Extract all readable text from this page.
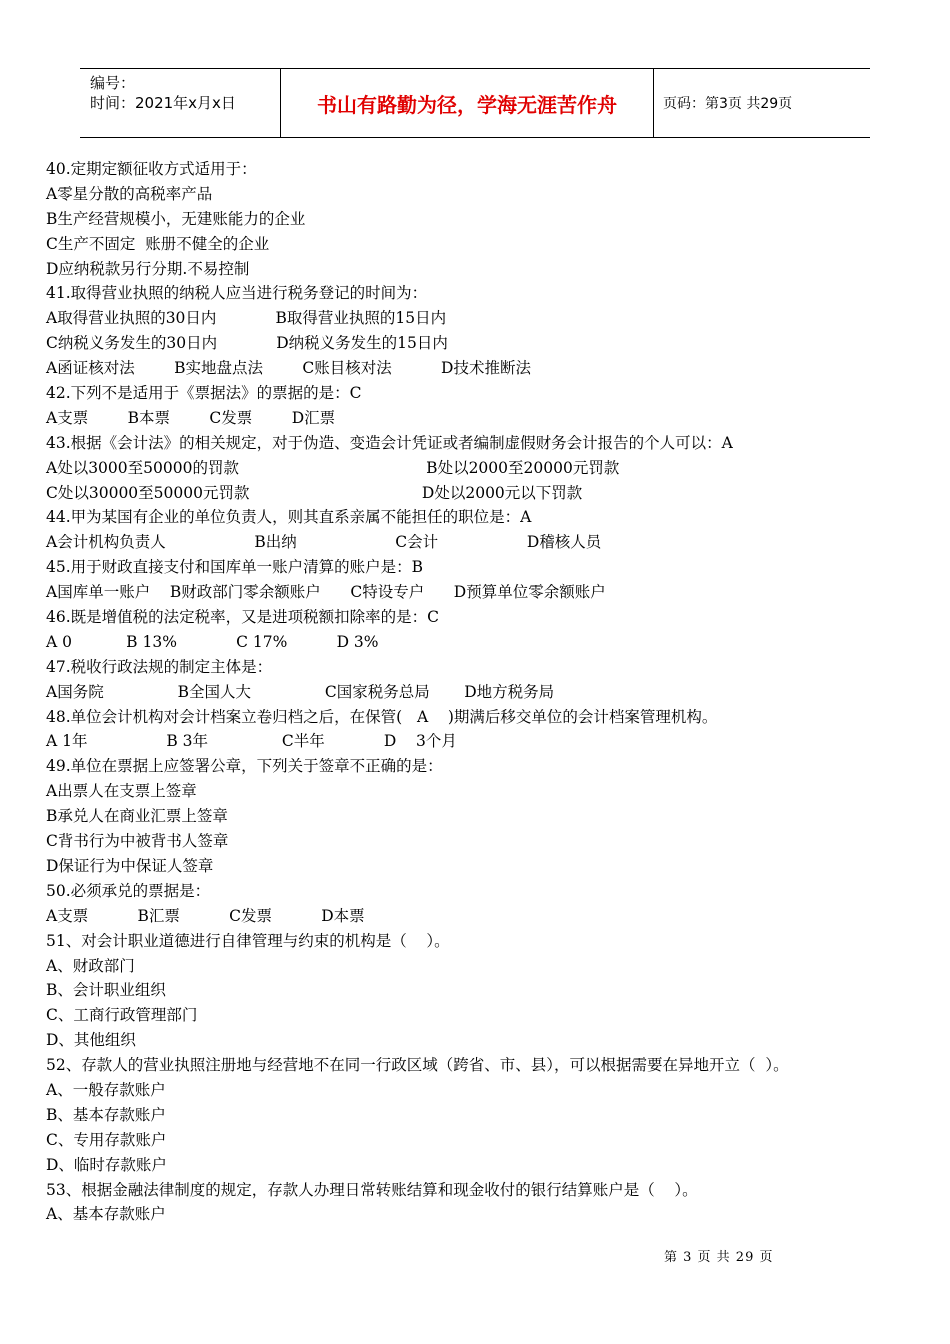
编号：
时间：2021年x月x日	书山有路勤为径，学海无涯苦作舟	页码：第3页 共29页
40.定期定额征收方式适用于：
A零星分散的高税率产品
B生产经营规模小，无建账能力的企业
C生产不固定  账册不健全的企业
D应纳税款另行分期.不易控制
41.取得营业执照的纳税人应当进行税务登记的时间为：
A取得营业执照的30日内            B取得营业执照的15日内
C纳税义务发生的30日内            D纳税义务发生的15日内
A函证核对法        B实地盘点法        C账目核对法          D技术推断法
42.下列不是适用于《票据法》的票据的是：C
A支票        B本票        C发票        D汇票
43.根据《会计法》的相关规定，对于伪造、变造会计凭证或者编制虚假财务会计报告的个人可以：A
A处以3000至50000的罚款                                      B处以2000至20000元罚款
C处以30000至50000元罚款                                   D处以2000元以下罚款
44.甲为某国有企业的单位负责人，则其直系亲属不能担任的职位是：A
A会计机构负责人                  B出纳                    C会计                  D稽核人员
45.用于财政直接支付和国库单一账户清算的账户是：B
A国库单一账户    B财政部门零余额账户      C特设专户      D预算单位零余额账户
46.既是增值税的法定税率，又是进项税额扣除率的是：C
A 0           B 13%            C 17%          D 3%
47.税收行政法规的制定主体是：
A国务院               B全国人大               C国家税务总局       D地方税务局
48.单位会计机构对会计档案立卷归档之后，在保管(   A    )期满后移交单位的会计档案管理机构。
A 1年                B 3年               C半年            D    3个月
49.单位在票据上应签署公章，下列关于签章不正确的是：
A出票人在支票上签章
B承兑人在商业汇票上签章
C背书行为中被背书人签章
D保证行为中保证人签章
50.必须承兑的票据是：
A支票          B汇票          C发票          D本票
51、对会计职业道德进行自律管理与约束的机构是（    ）。
A、财政部门
B、会计职业组织
C、工商行政管理部门
D、其他组织
52、存款人的营业执照注册地与经营地不在同一行政区域（跨省、市、县），可以根据需要在异地开立（  ）。
A、一般存款账户
B、基本存款账户
C、专用存款账户
D、临时存款账户
53、根据金融法律制度的规定，存款人办理日常转账结算和现金收付的银行结算账户是（    ）。
A、基本存款账户
第 3 页 共 29 页
